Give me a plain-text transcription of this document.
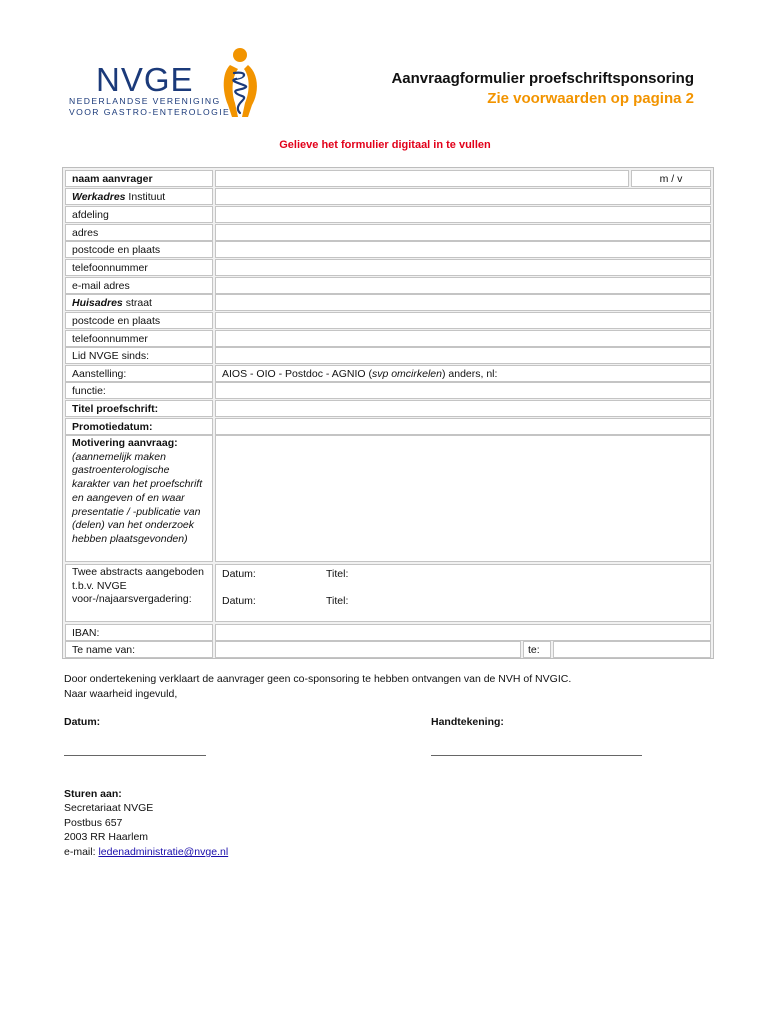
NVGE
NEDERLANDSE VERENIGING
VOOR GASTRO-ENTEROLOGIE
Aanvraagformulier proefschriftsponsoring
Zie voorwaarden op pagina 2
Gelieve het formulier digitaal in te vullen
naam aanvrager	m / v
Werkadres Instituut
afdeling
adres
postcode en plaats
telefoonnummer
e-mail adres
Huisadres straat
postcode en plaats
telefoonnummer
Lid NVGE sinds:
Aanstelling:	AIOS - OIO - Postdoc - AGNIO (svp omcirkelen) anders, nl:
functie:
Titel proefschrift:
Promotiedatum:
Motivering aanvraag:
(aannemelijk maken gastroenterologische karakter van het proefschrift en aangeven of en waar presentatie / -publicatie van (delen) van het onderzoek hebben plaatsgevonden)
Twee abstracts aangeboden t.b.v. NVGE voor-/najaarsvergadering:
Datum:	Titel:
Datum:	Titel:
IBAN:
Te name van:	te:
Door ondertekening verklaart de aanvrager geen co-sponsoring te hebben ontvangen van de NVH of NVGIC.
Naar waarheid ingevuld,
Datum:	Handtekening:
Sturen aan:
Secretariaat NVGE
Postbus 657
2003 RR Haarlem
e-mail: ledenadministratie@nvge.nl
